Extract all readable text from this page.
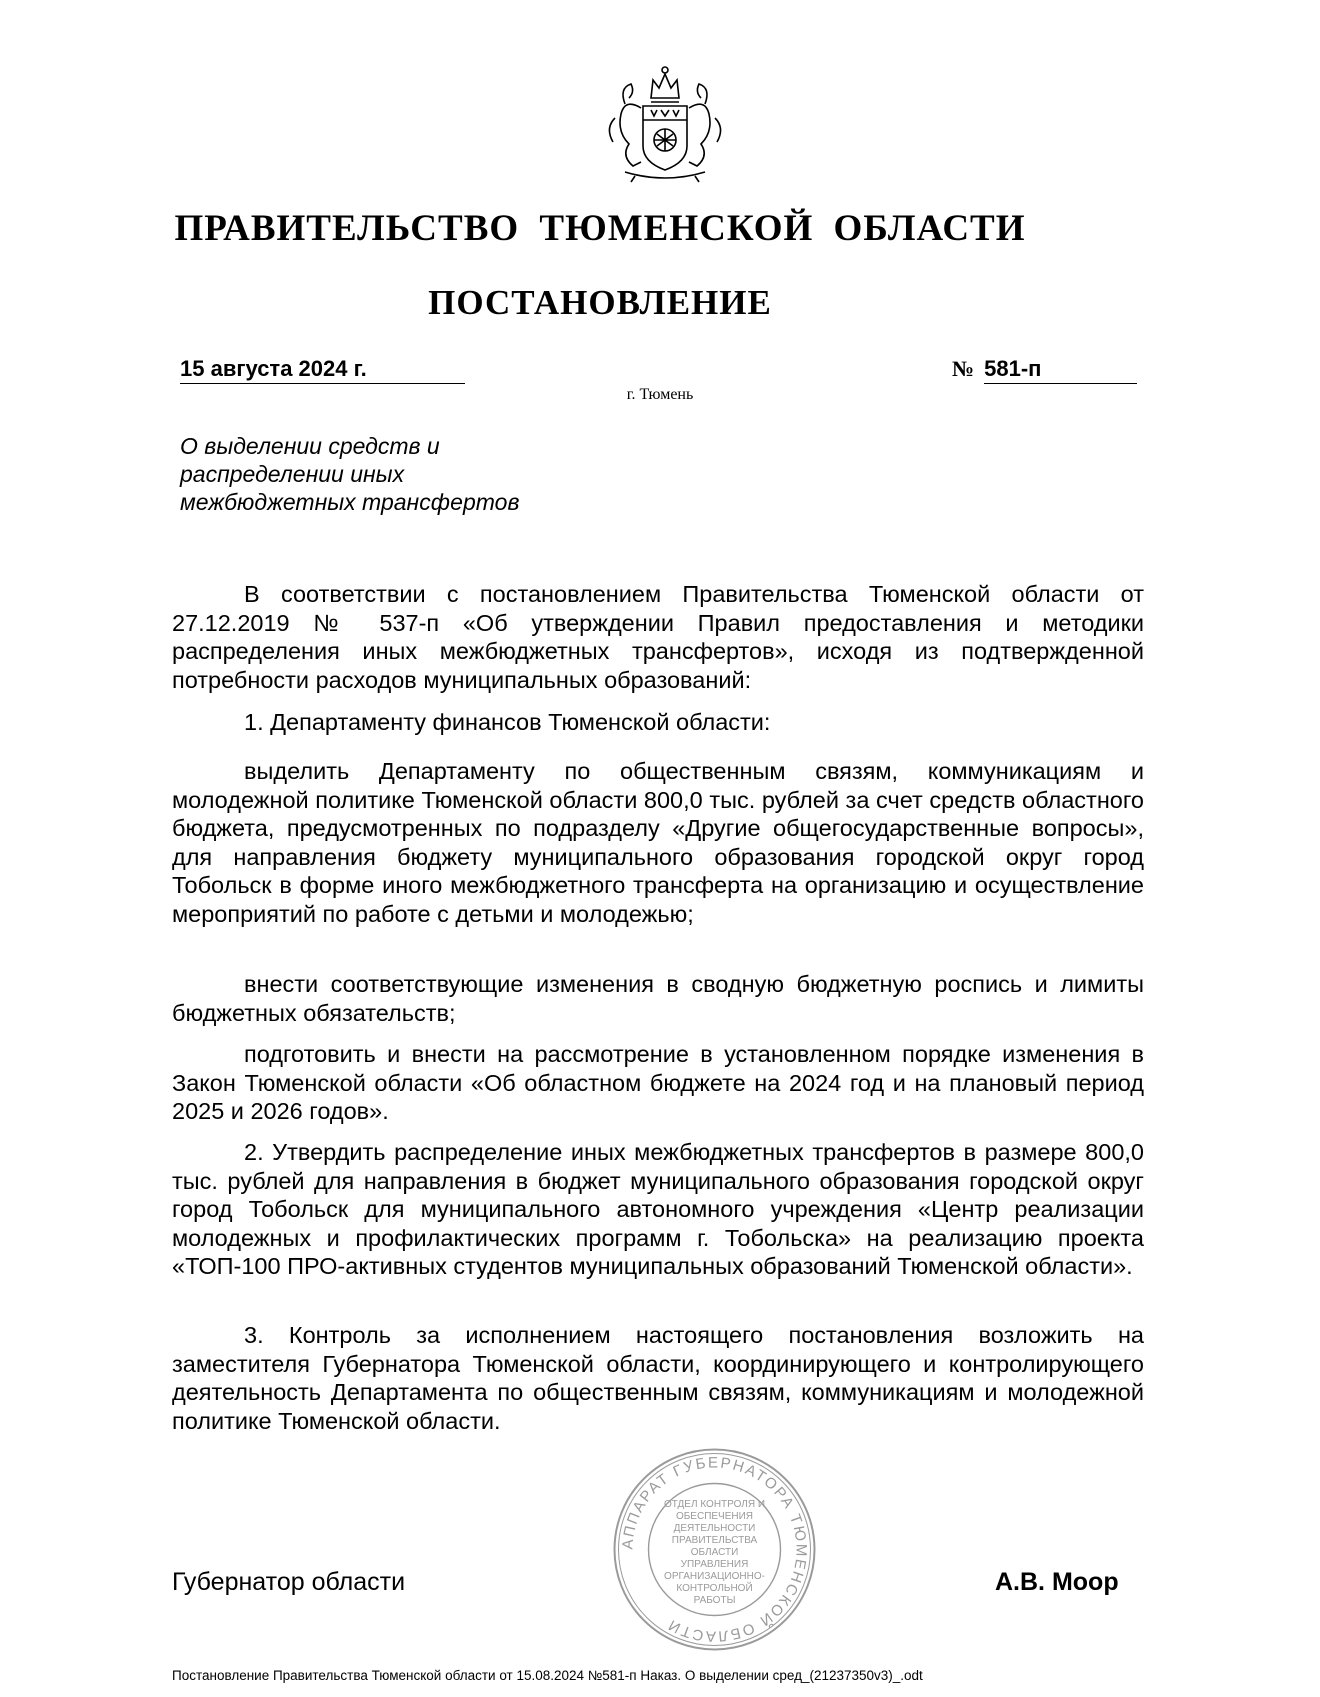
ПРАВИТЕЛЬСТВО ТЮМЕНСКОЙ ОБЛАСТИ
ПОСТАНОВЛЕНИЕ
15 августа 2024 г.	№ 581-п
г. Тюмень
О выделении средств и
распределении иных
межбюджетных трансфертов
В соответствии с постановлением Правительства Тюменской области от 27.12.2019 № 537-п «Об утверждении Правил предоставления и методики распределения иных межбюджетных трансфертов», исходя из подтвержденной потребности расходов муниципальных образований:
1. Департаменту финансов Тюменской области:
выделить Департаменту по общественным связям, коммуникациям и молодежной политике Тюменской области 800,0 тыс. рублей за счет средств областного бюджета, предусмотренных по подразделу «Другие общегосударственные вопросы», для направления бюджету муниципального образования городской округ город Тобольск в форме иного межбюджетного трансферта на организацию и осуществление мероприятий по работе с детьми и молодежью;
внести соответствующие изменения в сводную бюджетную роспись и лимиты бюджетных обязательств;
подготовить и внести на рассмотрение в установленном порядке изменения в Закон Тюменской области «Об областном бюджете на 2024 год и на плановый период 2025 и 2026 годов».
2. Утвердить распределение иных межбюджетных трансфертов в размере 800,0 тыс. рублей для направления в бюджет муниципального образования городской округ город Тобольск для муниципального автономного учреждения «Центр реализации молодежных и профилактических программ г. Тобольска» на реализацию проекта «ТОП-100 ПРО-активных студентов муниципальных образований Тюменской области».
3. Контроль за исполнением настоящего постановления возложить на заместителя Губернатора Тюменской области, координирующего и контролирующего деятельность Департамента по общественным связям, коммуникациям и молодежной политике Тюменской области.
АППАРАТ ГУБЕРНАТОРА ТЮМЕНСКОЙ ОБЛАСТИ
ОТДЕЛ КОНТРОЛЯ И ОБЕСПЕЧЕНИЯ ДЕЯТЕЛЬНОСТИ ПРАВИТЕЛЬСТВА ОБЛАСТИ УПРАВЛЕНИЯ ОРГАНИЗАЦИОННО-КОНТРОЛЬНОЙ РАБОТЫ
Губернатор области	А.В. Моор
Постановление Правительства Тюменской области от 15.08.2024 №581-п Наказ. О выделении сред_(21237350v3)_.odt
